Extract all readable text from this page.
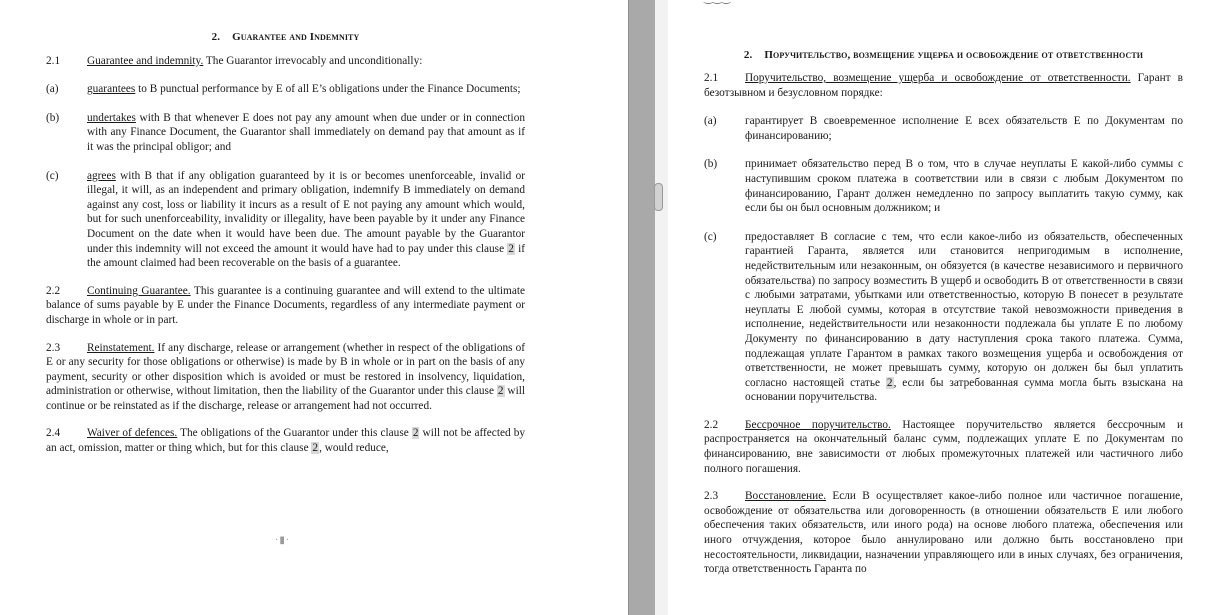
2. Guarantee and Indemnity

2.1 Guarantee and indemnity. The Guarantor irrevocably and unconditionally:

(a)	guarantees to B punctual performance by E of all E’s obligations under the Finance Documents;
(b) undertakes with B that whenever E does not pay any amount when due under or in connection with any Finance Document, the Guarantor shall immediately on demand pay that amount as if it was the principal obligor; and
(c)	agrees with B that if any obligation guaranteed by it is or becomes unenforceable, invalid or illegal, it will, as an independent and primary obligation, indemnify B immediately on demand against any cost, loss or liability it incurs as a result of E not paying any amount which would, but for such unenforceability, invalidity or illegality, have been payable by it under any Finance Document on the date when it would have been due. The amount payable by the Guarantor under this indemnity will not exceed the amount it would have had to pay under this clause 2 if the amount claimed had been recoverable on the basis of a guarantee.

2.2 Continuing Guarantee. This guarantee is a continuing guarantee and will extend to the ultimate balance of sums payable by E under the Finance Documents, regardless of any intermediate payment or discharge in whole or in part.

2.3 Reinstatement. If any discharge, release or arrangement (whether in respect of the obligations of E or any security for those obligations or otherwise) is made by B in whole or in part on the basis of any payment, security or other disposition which is avoided or must be restored in insolvency, liquidation, administration or otherwise, without limitation, then the liability of the Guarantor under this clause 2 will continue or be reinstated as if the discharge, release or arrangement had not occurred.

2.4 Waiver of defences. The obligations of the Guarantor under this clause 2 will not be affected by an act, omission, matter or thing which, but for this clause 2, would reduce,

·▮·
2. Поручительство, возмещение ущерба и освобождение от ответственности

2.1 Поручительство, возмещение ущерба и освобождение от ответственности. Гарант в безотзывном и безусловном порядке:

(a)	гарантирует В своевременное исполнение Е всех обязательств Е по Документам по финансированию;
(b) принимает обязательство перед В о том, что в случае неуплаты Е какой-либо суммы с наступившим сроком платежа в соответствии или в связи с любым Документом по финансированию, Гарант должен немедленно по запросу выплатить такую сумму, как если бы он был основным должником; и
(c)	предоставляет В согласие с тем, что если какое-либо из обязательств, обеспеченных гарантией Гаранта, является или становится непригодимым в исполнение, недействительным или незаконным, он обязуется (в качестве независимого и первичного обязательства) по запросу возместить В ущерб и освободить В от ответственности в связи с любыми затратами, убытками или ответственностью, которую В понесет в результате неуплаты Е любой суммы, которая в отсутствие такой невозможности приведения в исполнение, недействительности или незаконности подлежала бы уплате Е по любому Документу по финансированию в дату наступления срока такого платежа. Сумма, подлежащая уплате Гарантом в рамках такого возмещения ущерба и освобождения от ответственности, не может превышать сумму, которую он должен бы был уплатить согласно настоящей статье 2, если бы затребованная сумма могла быть взыскана на основании поручительства.

2.2 Бессрочное поручительство. Настоящее поручительство является бессрочным и распространяется на окончательный баланс сумм, подлежащих уплате Е по Документам по финансированию, вне зависимости от любых промежуточных платежей или частичного либо полного погашения.

2.3 Восстановление. Если В осуществляет какое-либо полное или частичное погашение, освобождение от обязательства или договоренность (в отношении обязательств Е или любого обеспечения таких обязательств, или иного рода) на основе любого платежа, обеспечения или иного отчуждения, которое было аннулировано или должно быть восстановлено при несостоятельности, ликвидации, назначении управляющего или в иных случаях, без ограничения, тогда ответственность Гаранта по
